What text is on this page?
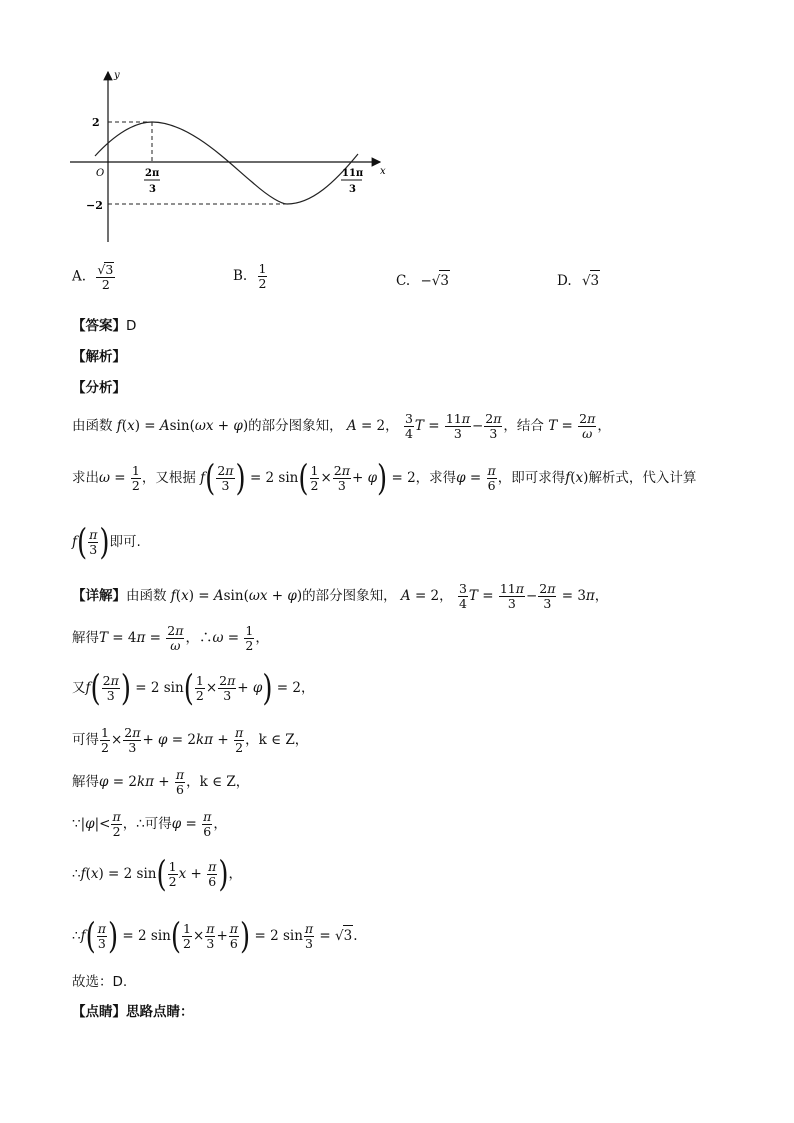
y
x
O
2
−2
2π
3
11π
3
A. $\frac{√3}{2}$	B. $\frac{1}{2}$	C. −√3	D. √3
【答案】D
【解析】
【分析】
由函数 f(x) = Asin(ωx + φ)的部分图象知， A = 2， $\frac{3}{4}$ $T = \frac{11\pi}{3} - \frac{2\pi}{3}$ ，结合 $T = \frac{2\pi}{\omega}$ ，
求出$\omega = \frac{1}{2}$ ，又根据 $f( \frac{2\pi}{3}$ ) = 2 $\sin( \frac{1}{2} \times \frac{2\pi}{3} + \varphi) = 2$，求得$\varphi = \frac{\pi}{6}$ ，即可求得f(x)解析式，代入计算
$f( \frac{\pi}{3}$ )即可.
【详解】由函数 f(x) = Asin(ωx + φ)的部分图象知， A = 2， $\frac{3}{4}$ $T = \frac{11\pi}{3} - \frac{2\pi}{3} = 3\pi$，
解得$T = 4\pi = \frac{2\pi}{\omega}$ ，∴ω = $\frac{1}{2}$ ，
又$f( \frac{2\pi}{3}$ ) = 2 $\sin( \frac{1}{2} \times \frac{2\pi}{3} + \varphi) = 2$，
可得 $\frac{1}{2} \times \frac{2\pi}{3} + \varphi = 2k\pi + \frac{\pi}{2}$ ，k ∈ Z，
解得$\varphi = 2k\pi + \frac{\pi}{6}$ ，k ∈ Z，
∵|φ|< $\frac{\pi}{2}$ ，∴可得$\varphi = \frac{\pi}{6}$ ，
∴f(x) = 2 $\sin( \frac{1}{2}$ $x + \frac{\pi}{6}$ )，
∴f( $\frac{\pi}{3}$ ) = 2 $\sin( \frac{1}{2} \times \frac{\pi}{3} + \frac{\pi}{6}$ ) = 2 $\sin \frac{\pi}{3} = √3$.
故选：D.
【点睛】思路点睛：
